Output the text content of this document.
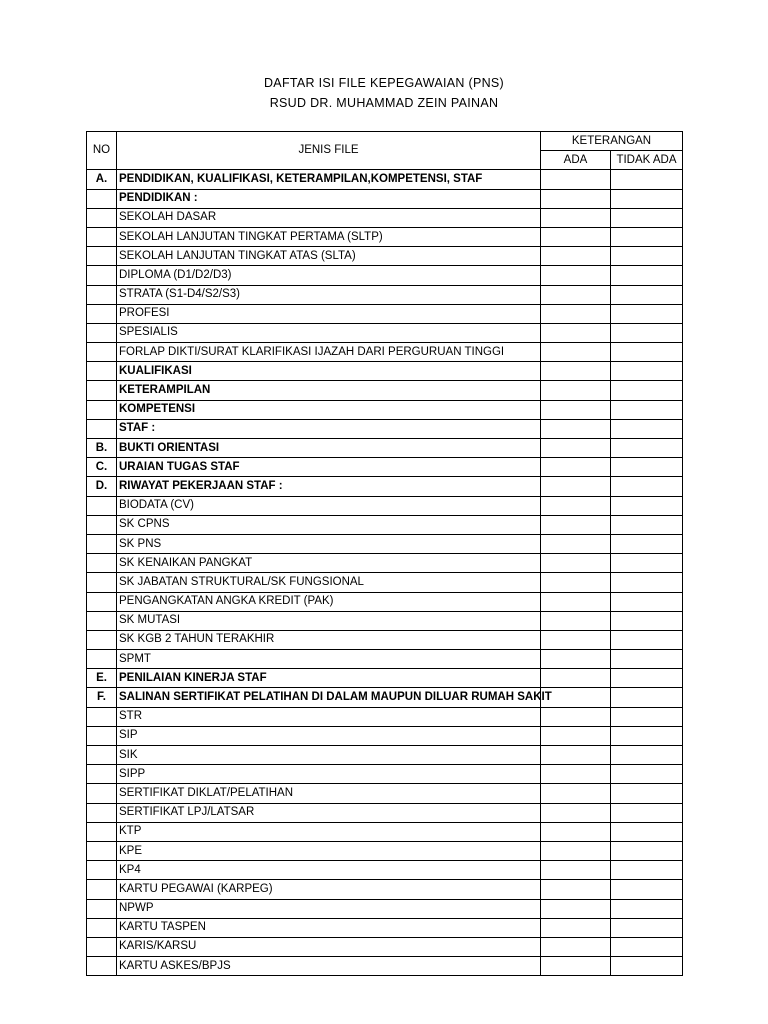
DAFTAR ISI FILE KEPEGAWAIAN (PNS)
RSUD DR. MUHAMMAD ZEIN PAINAN
NO	JENIS FILE	KETERANGAN	
		ADA	TIDAK ADA
A.	PENDIDIKAN, KUALIFIKASI, KETERAMPILAN,KOMPETENSI, STAF		
	PENDIDIKAN :		
	SEKOLAH DASAR		
	SEKOLAH LANJUTAN TINGKAT PERTAMA (SLTP)		
	SEKOLAH LANJUTAN TINGKAT ATAS (SLTA)		
	DIPLOMA (D1/D2/D3)		
	STRATA (S1-D4/S2/S3)		
	PROFESI		
	SPESIALIS		
	FORLAP DIKTI/SURAT KLARIFIKASI IJAZAH DARI PERGURUAN TINGGI		
	KUALIFIKASI		
	KETERAMPILAN		
	KOMPETENSI		
	STAF :		
B.	BUKTI ORIENTASI		
C.	URAIAN TUGAS STAF		
D.	RIWAYAT PEKERJAAN STAF :		
	BIODATA (CV)		
	SK CPNS		
	SK PNS		
	SK KENAIKAN PANGKAT		
	SK JABATAN STRUKTURAL/SK FUNGSIONAL		
	PENGANGKATAN ANGKA KREDIT (PAK)		
	SK MUTASI		
	SK KGB 2 TAHUN TERAKHIR		
	SPMT		
E.	PENILAIAN KINERJA STAF		
F.	SALINAN SERTIFIKAT PELATIHAN DI DALAM MAUPUN DILUAR RUMAH SAKIT		
	STR		
	SIP		
	SIK		
	SIPP		
	SERTIFIKAT DIKLAT/PELATIHAN		
	SERTIFIKAT LPJ/LATSAR		
	KTP		
	KPE		
	KP4		
	KARTU PEGAWAI (KARPEG)		
	NPWP		
	KARTU TASPEN		
	KARIS/KARSU		
	KARTU ASKES/BPJS		
